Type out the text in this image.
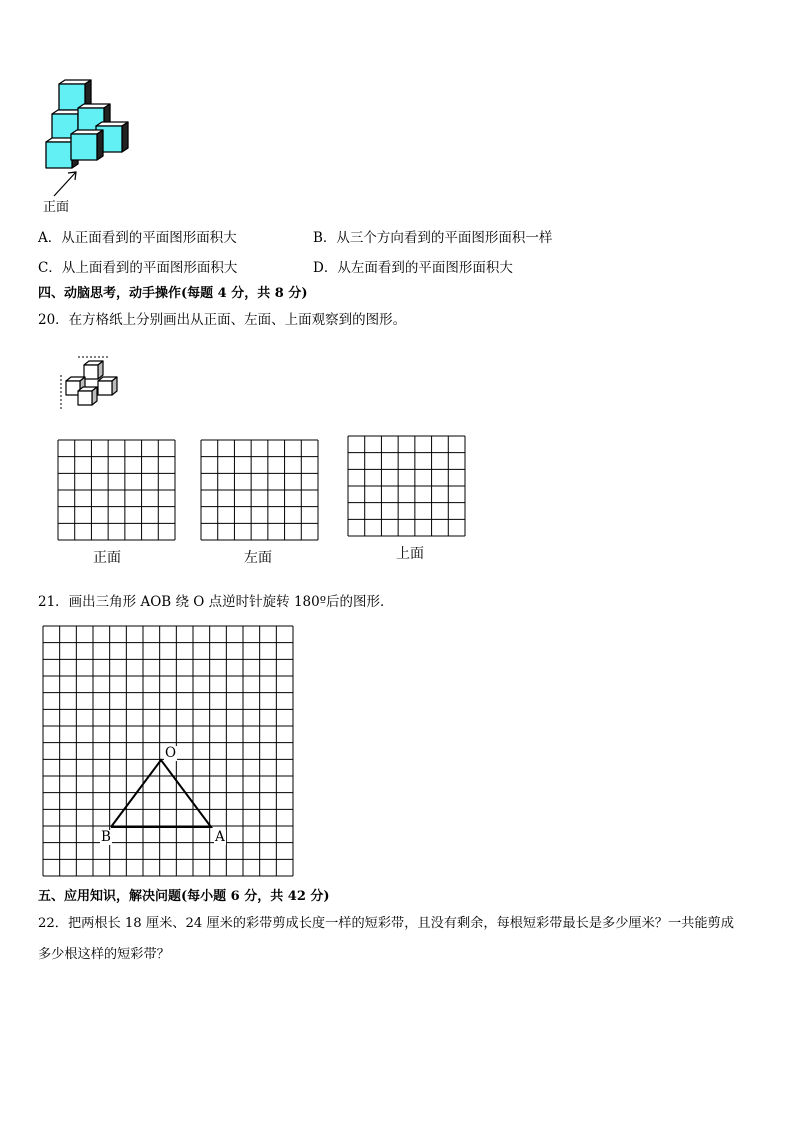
正面
A．从正面看到的平面图形面积大	B．从三个方向看到的平面图形面积一样
C．从上面看到的平面图形面积大	D．从左面看到的平面图形面积大
四、动脑思考，动手操作(每题 4 分，共 8 分)
20．在方格纸上分别画出从正面、左面、上面观察到的图形。
正面	左面	上面
21．画出三角形 AOB 绕 O 点逆时针旋转 180º后的图形．
O
B	A
五、应用知识，解决问题(每小题 6 分，共 42 分)
22．把两根长 18 厘米、24 厘米的彩带剪成长度一样的短彩带，且没有剩余，每根短彩带最长是多少厘米？一共能剪成
多少根这样的短彩带？
